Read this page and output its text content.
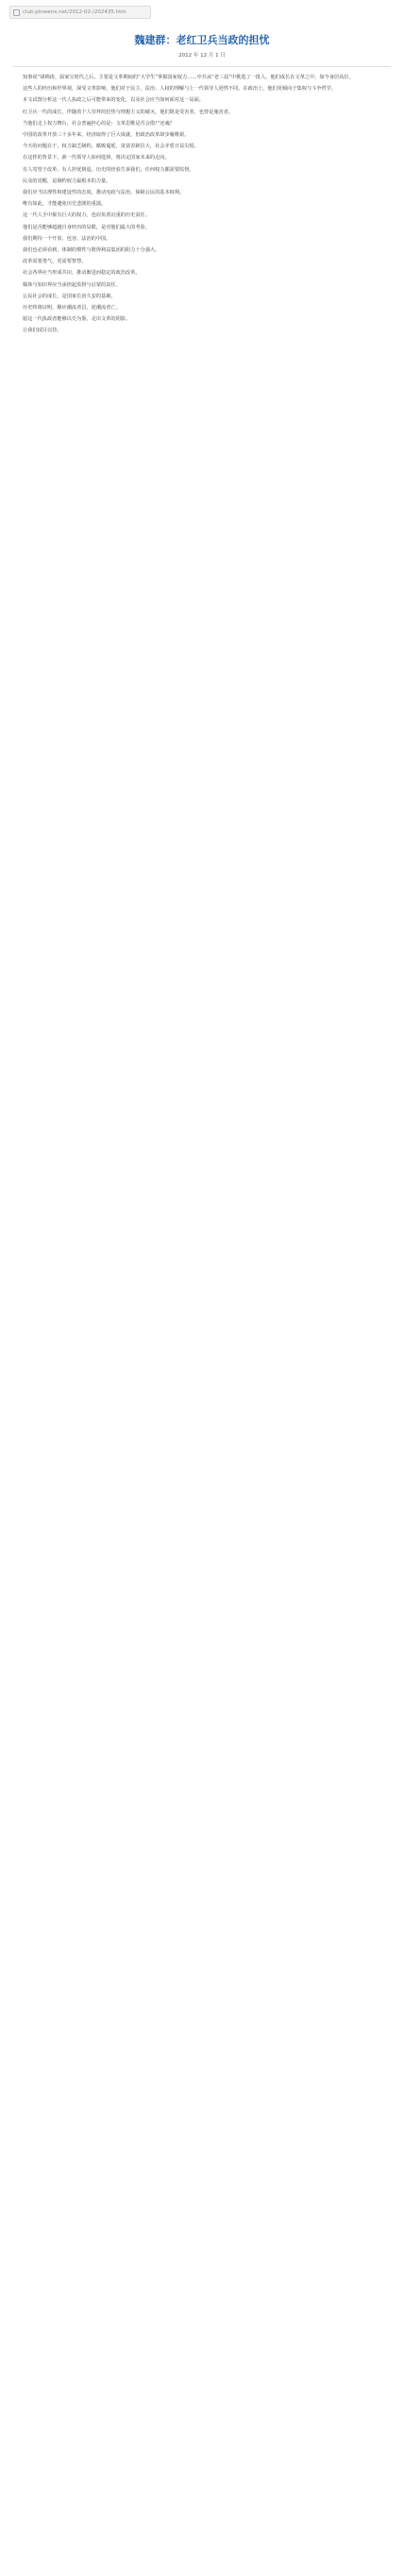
club.pinwenx.net/2012-02-/202435.htm
魏建群：老红卫兵当政的担忧
2012 年 12 月 1 日

知事说“胡锦涛、温家宝时代之后，主要是文革期间的“大学生”掌握国家权力……中共从“老三届”中挑选了一批人，他们成长在文革之中，如今身居高位。

这些人的经历和世界观，深受文革影响，他们对于民主、法治、人权的理解与上一代领导人迥然不同。在政治上，他们更倾向于集权与斗争哲学。

本文试图分析这一代人执政之后可能带来的变化，以及社会应当如何面对这一局面。

红卫兵一代的成长，伴随着个人崇拜的狂热与理想主义的破灭。他们既是受害者，也曾是施害者。

当他们走上权力舞台，社会普遍担心的是：文革思维是否会借尸还魂？

中国的改革开放三十多年来，经济取得了巨大成就，但政治改革却步履维艰。

今天的问题在于，权力缺乏制约，腐败蔓延，贫富差距拉大，社会矛盾日益尖锐。

在这样的背景下，新一代领导人如何选择，将决定国家未来的走向。

有人寄望于改革，有人担忧倒退。历史的经验告诉我们，任何权力都需要监督。

民众的觉醒，是制约权力最根本的力量。

我们应当以理性和建设性的态度，推动宪政与法治，保障公民的基本权利。

唯有如此，才能避免历史悲剧的重演。

这一代人手中握有巨大的权力，也肩负着沉重的历史责任。

他们是否能够超越自身经历的局限，是对他们最大的考验。

我们期待一个开放、包容、法治的中国。

我们也必须看到，体制的惯性与既得利益集团的阻力十分强大。

改革需要勇气，更需要智慧。

社会各界应当形成共识，推动渐进而稳定的政治改革。

媒体与知识界应当承担起监督与启蒙的责任。

公民社会的成长，是国家长治久安的基础。

历史终将证明，顺应潮流者昌，逆潮流者亡。

愿这一代执政者能够以史为鉴，走出文革的阴影。

让我们拭目以待。
